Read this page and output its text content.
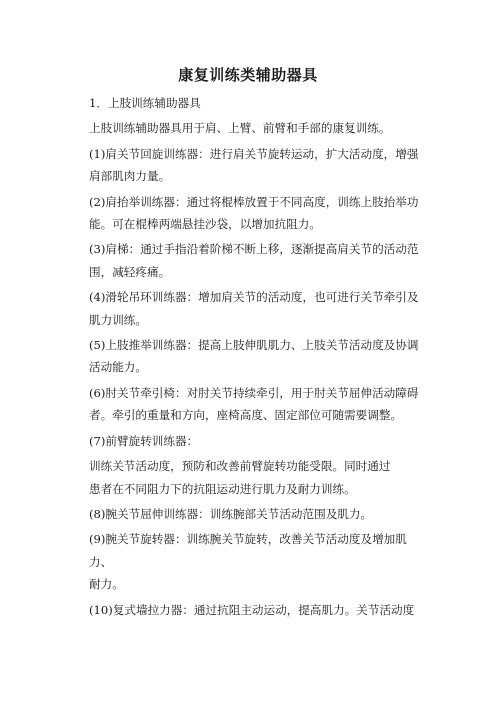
康复训练类辅助器具

1．上肢训练辅助器具

上肢训练辅助器具用于肩、上臂、前臂和手部的康复训练。

(1)肩关节回旋训练器：进行肩关节旋转运动，扩大活动度，增强
肩部肌肉力量。

(2)肩抬举训练器：通过将棍棒放置于不同高度，训练上肢抬举功
能。可在棍棒两端悬挂沙袋，以增加抗阻力。

(3)肩梯：通过手指沿着阶梯不断上移，逐渐提高肩关节的活动范
围，减轻疼痛。

(4)滑轮吊环训练器：增加肩关节的活动度，也可进行关节牵引及
肌力训练。

(5)上肢推举训练器：提高上肢伸肌肌力、上肢关节活动度及协调
活动能力。

(6)肘关节牵引椅：对肘关节持续牵引，用于肘关节屈伸活动障碍
者。牵引的重量和方向，座椅高度、固定部位可随需要调整。

(7)前臂旋转训练器：

训练关节活动度，预防和改善前臂旋转功能受限。同时通过
患者在不同阻力下的抗阻运动进行肌力及耐力训练。

(8)腕关节屈伸训练器：训练腕部关节活动范围及肌力。

(9)腕关节旋转器：训练腕关节旋转，改善关节活动度及增加肌力、
耐力。

(10)复式墙拉力器：通过抗阻主动运动，提高肌力。关节活动度
